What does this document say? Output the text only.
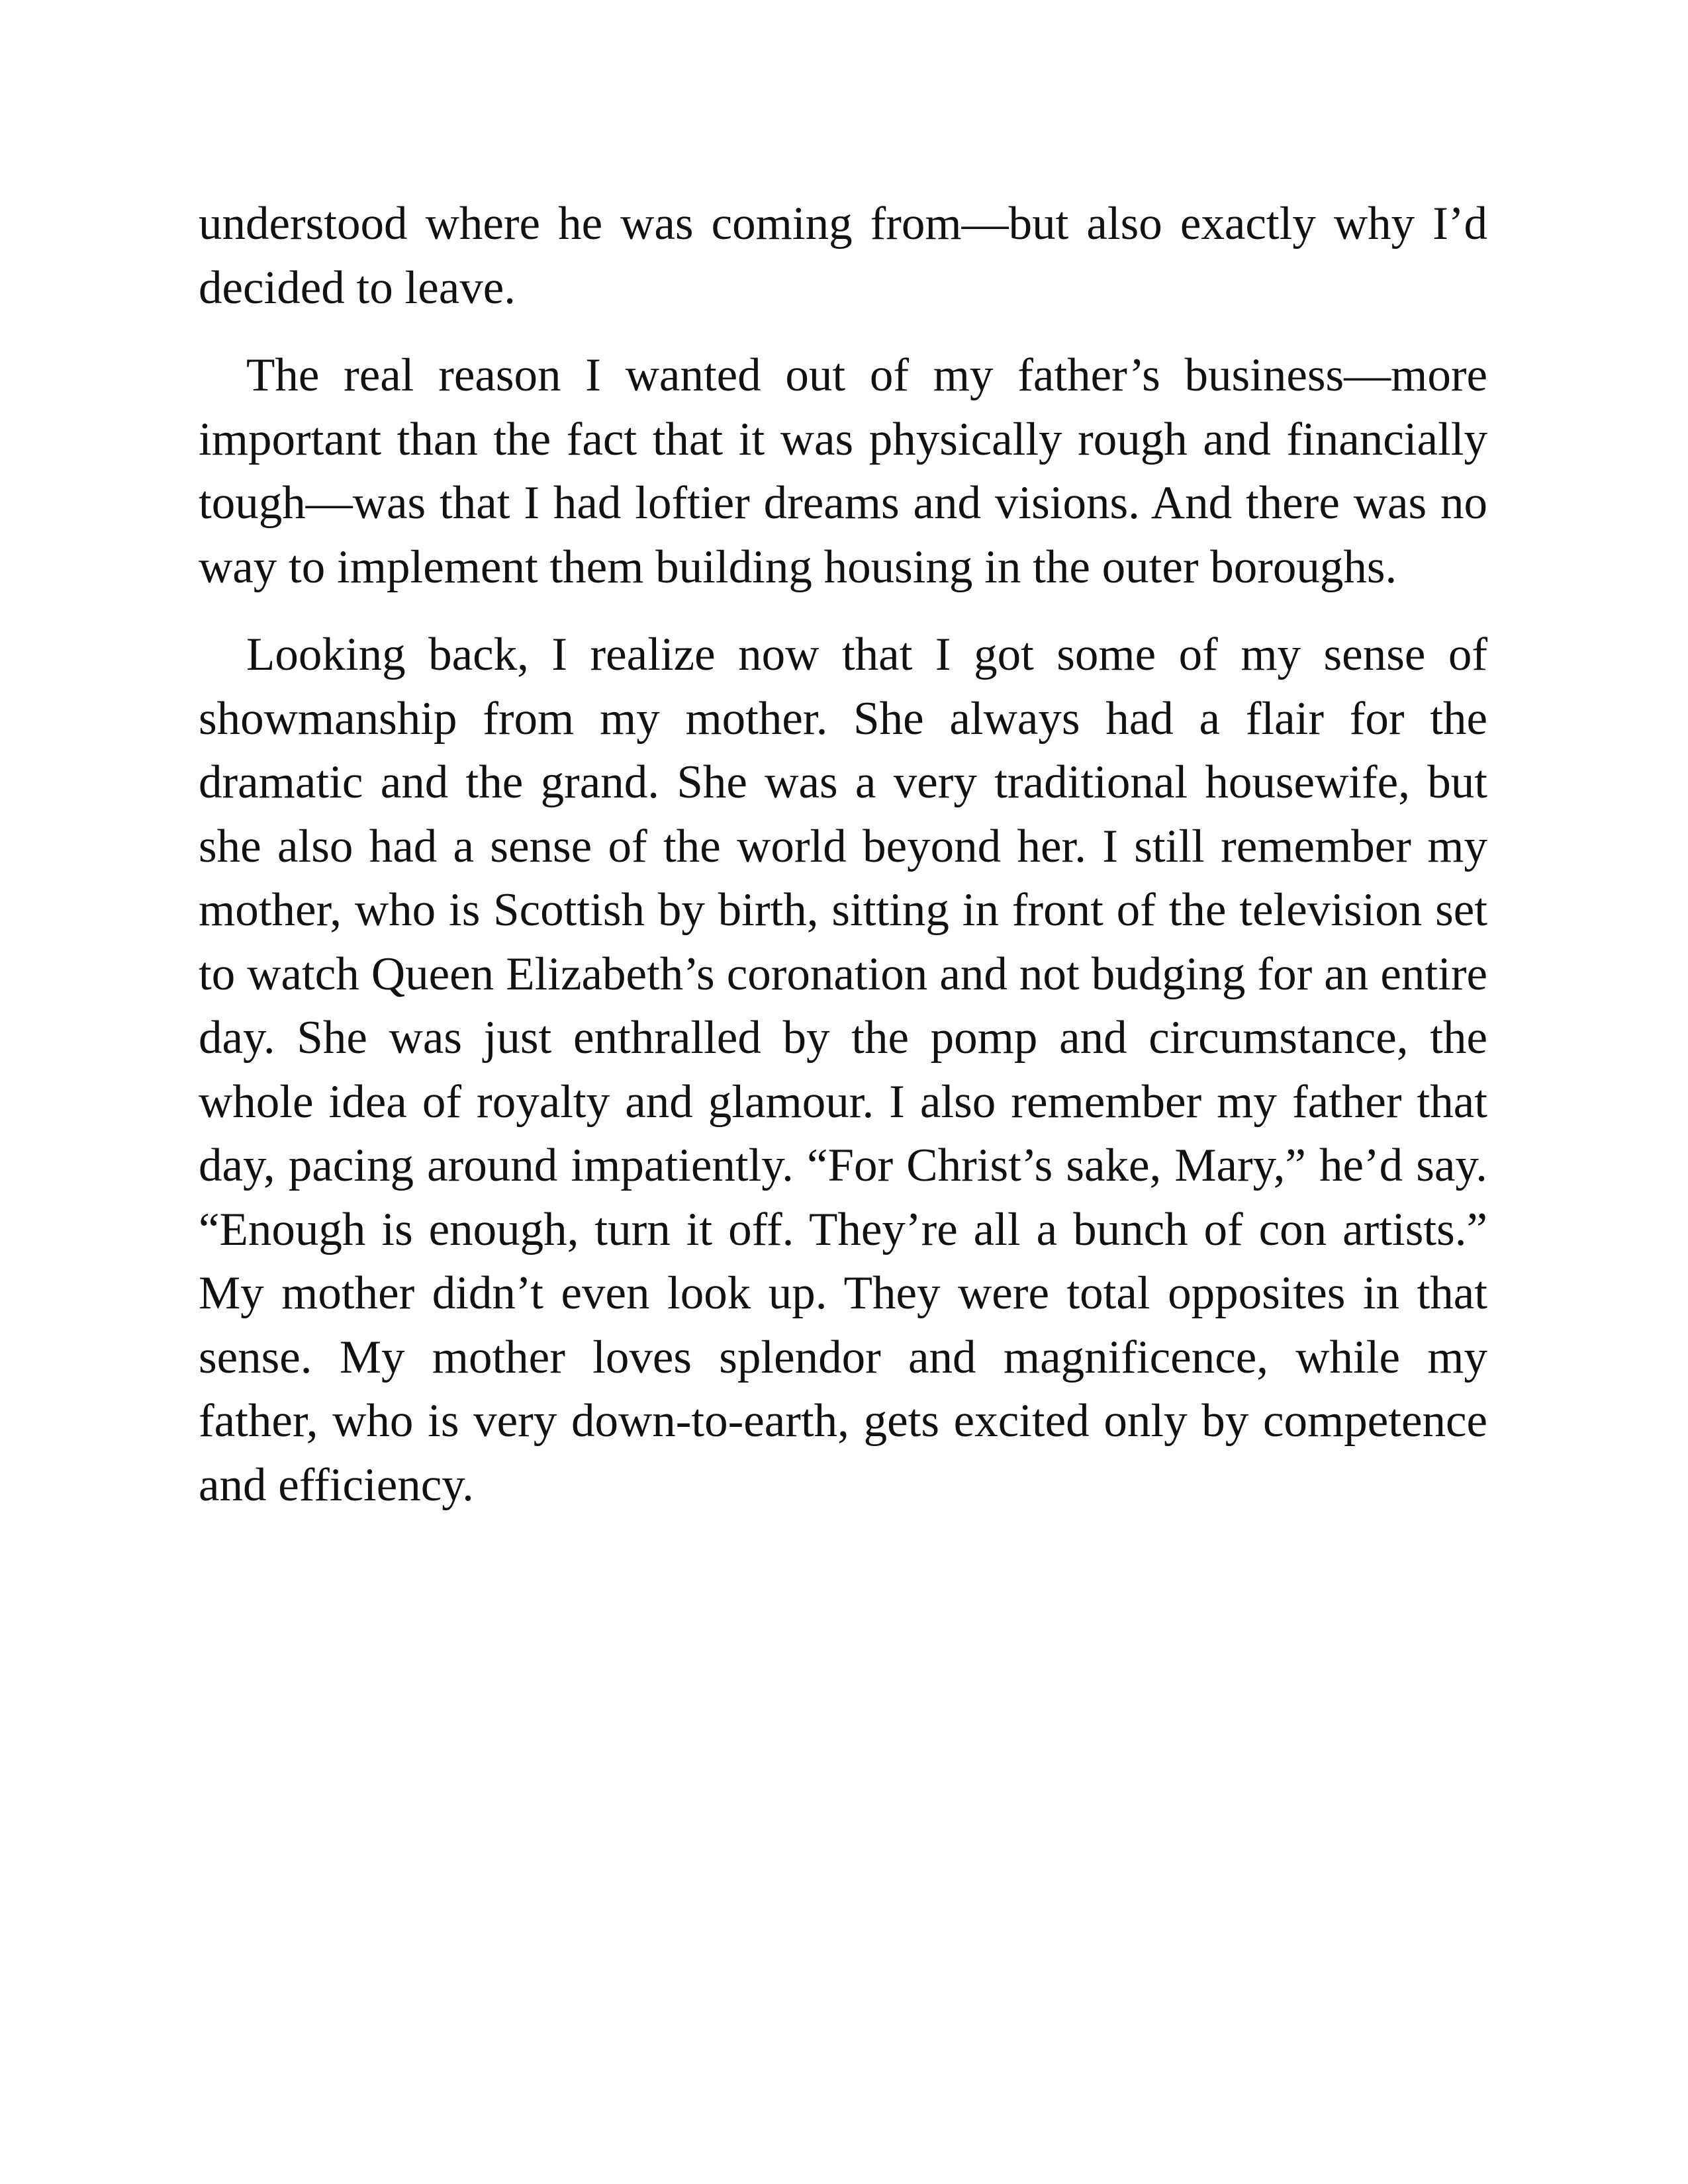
understood where he was coming from—but also exactly why I’d decided to leave.

The real reason I wanted out of my father’s business—more important than the fact that it was physically rough and financially tough—was that I had loftier dreams and visions. And there was no way to implement them building housing in the outer boroughs.

Looking back, I realize now that I got some of my sense of showmanship from my mother. She always had a flair for the dramatic and the grand. She was a very traditional housewife, but she also had a sense of the world beyond her. I still remember my mother, who is Scottish by birth, sitting in front of the television set to watch Queen Elizabeth’s coronation and not budging for an entire day. She was just enthralled by the pomp and circumstance, the whole idea of royalty and glamour. I also remember my father that day, pacing around impatiently. “For Christ’s sake, Mary,” he’d say. “Enough is enough, turn it off. They’re all a bunch of con artists.” My mother didn’t even look up. They were total opposites in that sense. My mother loves splendor and magnificence, while my father, who is very down-to-earth, gets excited only by competence and efficiency.
